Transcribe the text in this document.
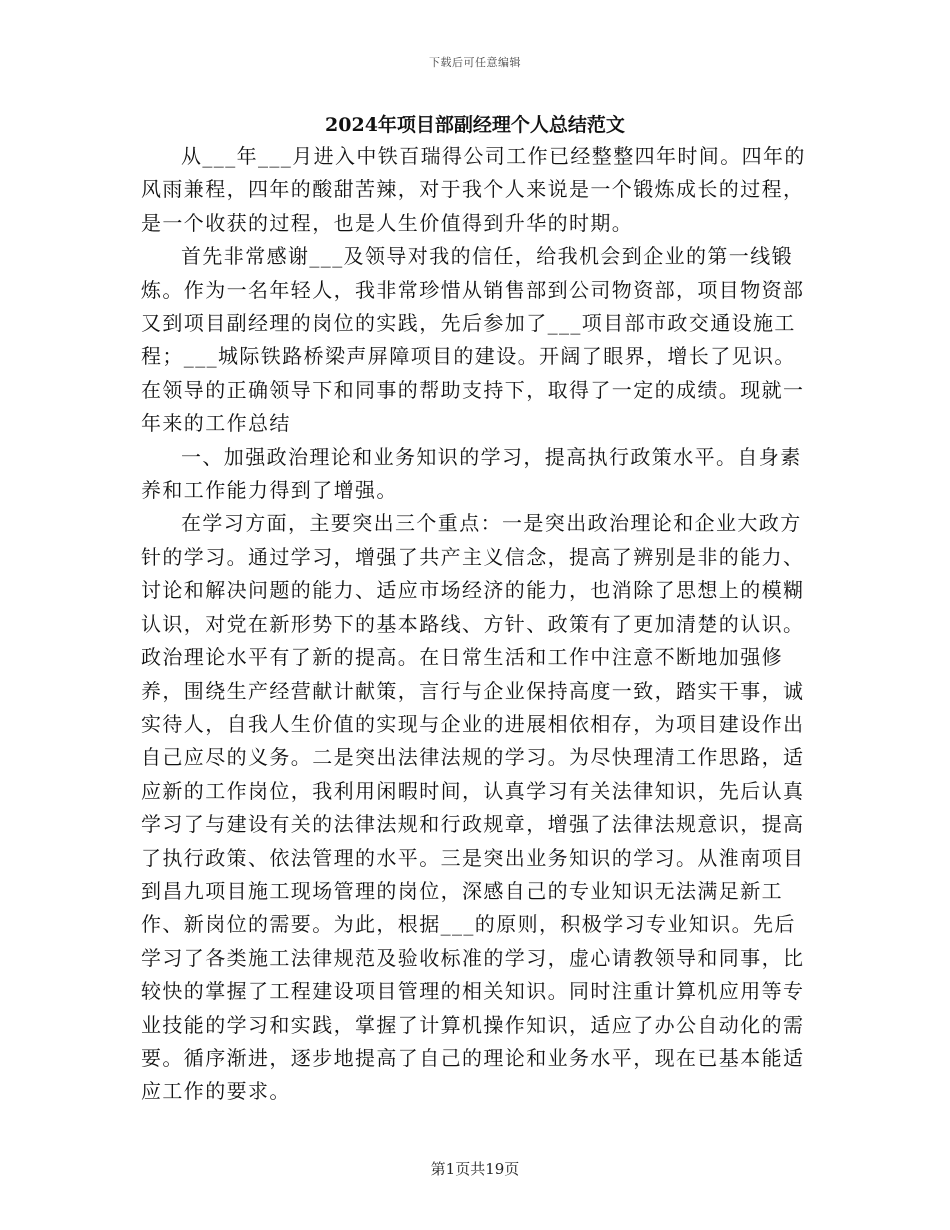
下载后可任意编辑
2024年项目部副经理个人总结范文

从___年___月进入中铁百瑞得公司工作已经整整四年时间。四年的风雨兼程，四年的酸甜苦辣，对于我个人来说是一个锻炼成长的过程，是一个收获的过程，也是人生价值得到升华的时期。

首先非常感谢___及领导对我的信任，给我机会到企业的第一线锻炼。作为一名年轻人，我非常珍惜从销售部到公司物资部，项目物资部又到项目副经理的岗位的实践，先后参加了___项目部市政交通设施工程；___城际铁路桥梁声屏障项目的建设。开阔了眼界，增长了见识。在领导的正确领导下和同事的帮助支持下，取得了一定的成绩。现就一年来的工作总结

一、加强政治理论和业务知识的学习，提高执行政策水平。自身素养和工作能力得到了增强。

在学习方面，主要突出三个重点：一是突出政治理论和企业大政方针的学习。通过学习，增强了共产主义信念，提高了辨别是非的能力、讨论和解决问题的能力、适应市场经济的能力，也消除了思想上的模糊认识，对党在新形势下的基本路线、方针、政策有了更加清楚的认识。政治理论水平有了新的提高。在日常生活和工作中注意不断地加强修养，围绕生产经营献计献策，言行与企业保持高度一致，踏实干事，诚实待人，自我人生价值的实现与企业的进展相依相存，为项目建设作出自己应尽的义务。二是突出法律法规的学习。为尽快理清工作思路，适应新的工作岗位，我利用闲暇时间，认真学习有关法律知识，先后认真学习了与建设有关的法律法规和行政规章，增强了法律法规意识，提高了执行政策、依法管理的水平。三是突出业务知识的学习。从淮南项目到昌九项目施工现场管理的岗位，深感自己的专业知识无法满足新工作、新岗位的需要。为此，根据___的原则，积极学习专业知识。先后学习了各类施工法律规范及验收标准的学习，虚心请教领导和同事，比较快的掌握了工程建设项目管理的相关知识。同时注重计算机应用等专业技能的学习和实践，掌握了计算机操作知识，适应了办公自动化的需要。循序渐进，逐步地提高了自己的理论和业务水平，现在已基本能适应工作的要求。

第1页共19页
